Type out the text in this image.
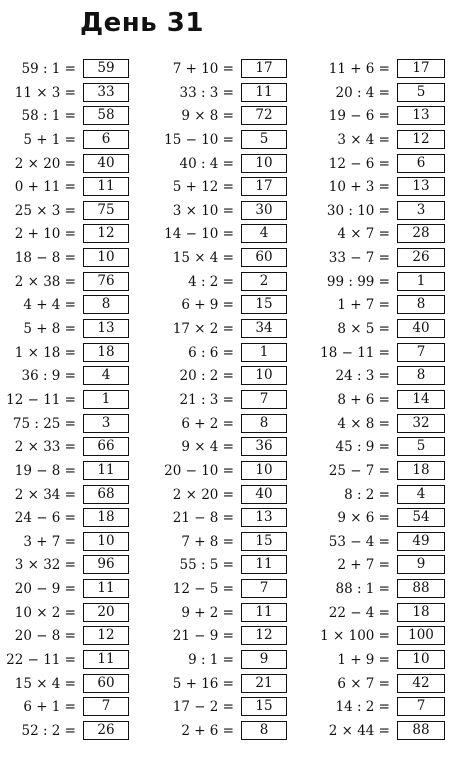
День 31
59 : 1 =	59	7 + 10 =	17	11 + 6 =	17
11 × 3 =	33	33 : 3 =	11	20 : 4 =	5
58 : 1 =	58	9 × 8 =	72	19 − 6 =	13
5 + 1 =	6	15 − 10 =	5	3 × 4 =	12
2 × 20 =	40	40 : 4 =	10	12 − 6 =	6
0 + 11 =	11	5 + 12 =	17	10 + 3 =	13
25 × 3 =	75	3 × 10 =	30	30 : 10 =	3
2 + 10 =	12	14 − 10 =	4	4 × 7 =	28
18 − 8 =	10	15 × 4 =	60	33 − 7 =	26
2 × 38 =	76	4 : 2 =	2	99 : 99 =	1
4 + 4 =	8	6 + 9 =	15	1 + 7 =	8
5 + 8 =	13	17 × 2 =	34	8 × 5 =	40
1 × 18 =	18	6 : 6 =	1	18 − 11 =	7
36 : 9 =	4	20 : 2 =	10	24 : 3 =	8
12 − 11 =	1	21 : 3 =	7	8 + 6 =	14
75 : 25 =	3	6 + 2 =	8	4 × 8 =	32
2 × 33 =	66	9 × 4 =	36	45 : 9 =	5
19 − 8 =	11	20 − 10 =	10	25 − 7 =	18
2 × 34 =	68	2 × 20 =	40	8 : 2 =	4
24 − 6 =	18	21 − 8 =	13	9 × 6 =	54
3 + 7 =	10	7 + 8 =	15	53 − 4 =	49
3 × 32 =	96	55 : 5 =	11	2 + 7 =	9
20 − 9 =	11	12 − 5 =	7	88 : 1 =	88
10 × 2 =	20	9 + 2 =	11	22 − 4 =	18
20 − 8 =	12	21 − 9 =	12	1 × 100 =	100
22 − 11 =	11	9 : 1 =	9	1 + 9 =	10
15 × 4 =	60	5 + 16 =	21	6 × 7 =	42
6 + 1 =	7	17 − 2 =	15	14 : 2 =	7
52 : 2 =	26	2 + 6 =	8	2 × 44 =	88
